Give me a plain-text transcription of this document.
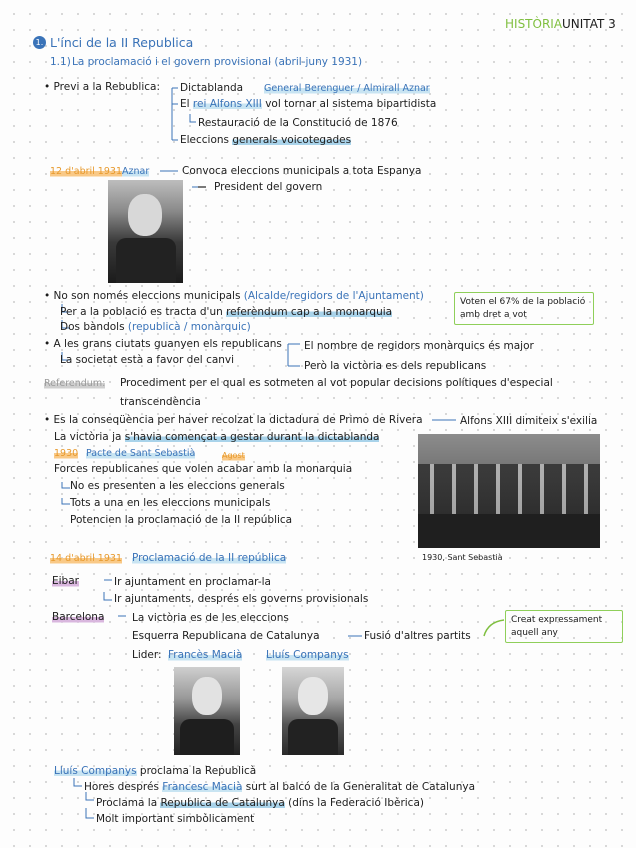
HISTÒRIA UNITAT 3
1. L'ínci de la II Republica
1.1) La proclamació i el govern provisional (abril-juny 1931)
• Previ a la Rebublica: Dictablanda General Berenguer / Almirall Aznar
El rei Alfons XIII vol tornar al sistema bipartidista
Restauració de la Constitució de 1876
Eleccions generals voicotegades
12 d'abril 1931 Aznar	Convoca eleccions municipals a tota Espanya
President del govern
• No son només eleccions municipals (Alcalde/regidors de l'Ajuntament)	Voten el 67% de la població
amb dret a vot
Per a la població es tracta d'un referèndum cap a la monarquia
Dos bàndols (republicà / monàrquic)
• A les grans ciutats guanyen els republicans
La societat està a favor del canvi
El nombre de regidors monàrquics és major
Però la victòria es dels republicans
Referendum: Procediment per el qual es sotmeten al vot popular decisions polítiques d'especial
transcendència
• Es la conseqüència per haver recolzat la dictadura de Primo de Rivera	Alfons XIII dimiteix s'exilia
La victòria ja s'havia començat a gestar durant la dictablanda
1930 Pacte de Sant Sebastià	Agost
Forces republicanes que volen acabar amb la monarquia
No es presenten a les eleccions generals
Tots a una en les eleccions municipals
Potencien la proclamació de la II república
1930, Sant Sebastià
14 d'abril 1931 Proclamació de la II república
Eibar	Ir ajuntament en proclamar-la
Ir ajuntaments, després els governs provisionals
Barcelona	La victòria es de les eleccions
Esquerra Republicana de Catalunya	Fusió d'altres partits
Creat expressament
aquell any
Lider: Francès Macià Lluís Companys
Lluís Companys proclama la Republicà
Hores després Francesc Macià surt al balcó de la Generalitat de Catalunya
Proclama la Republica de Catalunya (dins la Federació Ibèrica)
Molt important simbòlicament
